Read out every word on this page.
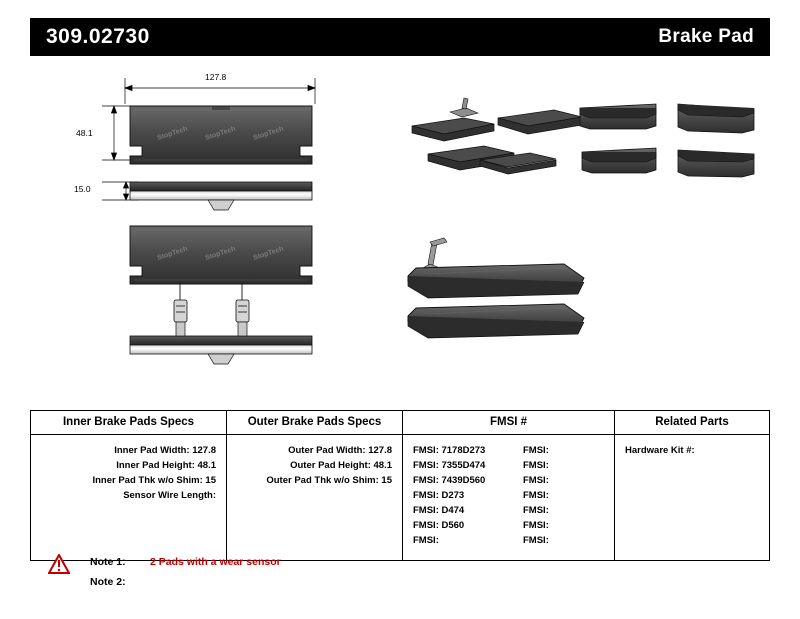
309.02730	Brake Pad
StopTech StopTech StopTech
StopTech StopTech StopTech
127.8
48.1
15.0
Inner Brake Pads Specs	Outer Brake Pads Specs	FMSI #	Related Parts
Inner Pad Width: 127.8
Inner Pad Height: 48.1
Inner Pad Thk w/o Shim: 15
Sensor Wire Length:
Outer Pad Width: 127.8
Outer Pad Height: 48.1
Outer Pad Thk w/o Shim: 15
FMSI: 7178D273	FMSI:
FMSI: 7355D474	FMSI:
FMSI: 7439D560	FMSI:
FMSI: D273	FMSI:
FMSI: D474	FMSI:
FMSI: D560	FMSI:
FMSI:	FMSI:
Hardware Kit #:
Note 1:	2 Pads with a wear sensor
Note 2:
